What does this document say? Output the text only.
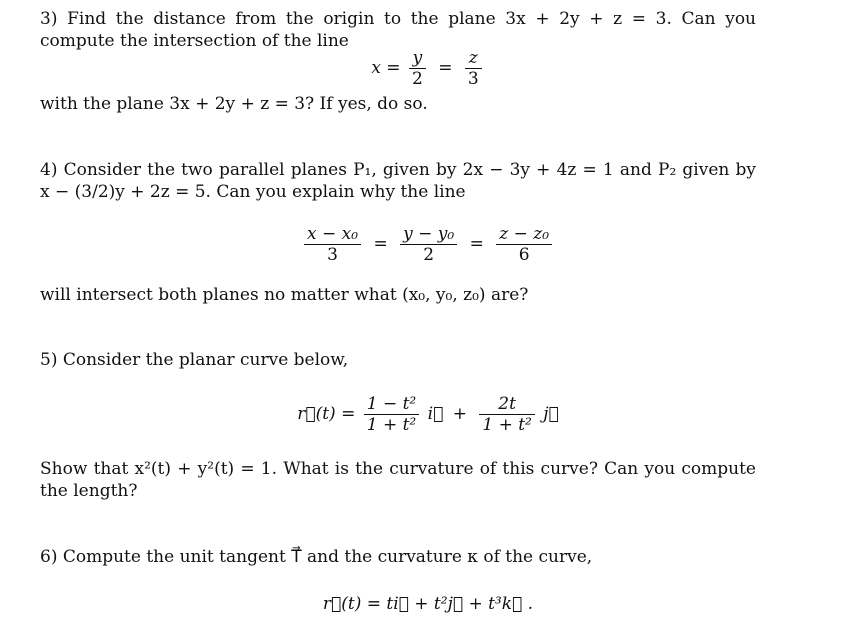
3) Find the distance from the origin to the plane 3x + 2y + z = 3. Can you compute the intersection of the line
$x = \frac{y}{2} = \frac{z}{3}$
with the plane 3x + 2y + z = 3? If yes, do so.
4) Consider the two parallel planes P₁, given by 2x − 3y + 4z = 1 and P₂ given by x − (3/2)y + 2z = 5. Can you explain why the line
$\frac{\text{x − x₀}}{3} = \frac{\text{y − y₀}}{2} = \frac{\text{z − z₀}}{6}$
will intersect both planes no matter what (x₀, y₀, z₀) are?
5) Consider the planar curve below,
r⃗(t) = $\frac{\text{1 − t²}}{\text{1 + t²}}$ i⃗ + $\frac{2t}{\text{1 + t²}}$ j⃗
Show that x²(t) + y²(t) = 1. What is the curvature of this curve? Can you compute the length?
6) Compute the unit tangent T⃗ and the curvature κ of the curve,
r⃗(t) = ti⃗ + t²j⃗ + t³k⃗ .
